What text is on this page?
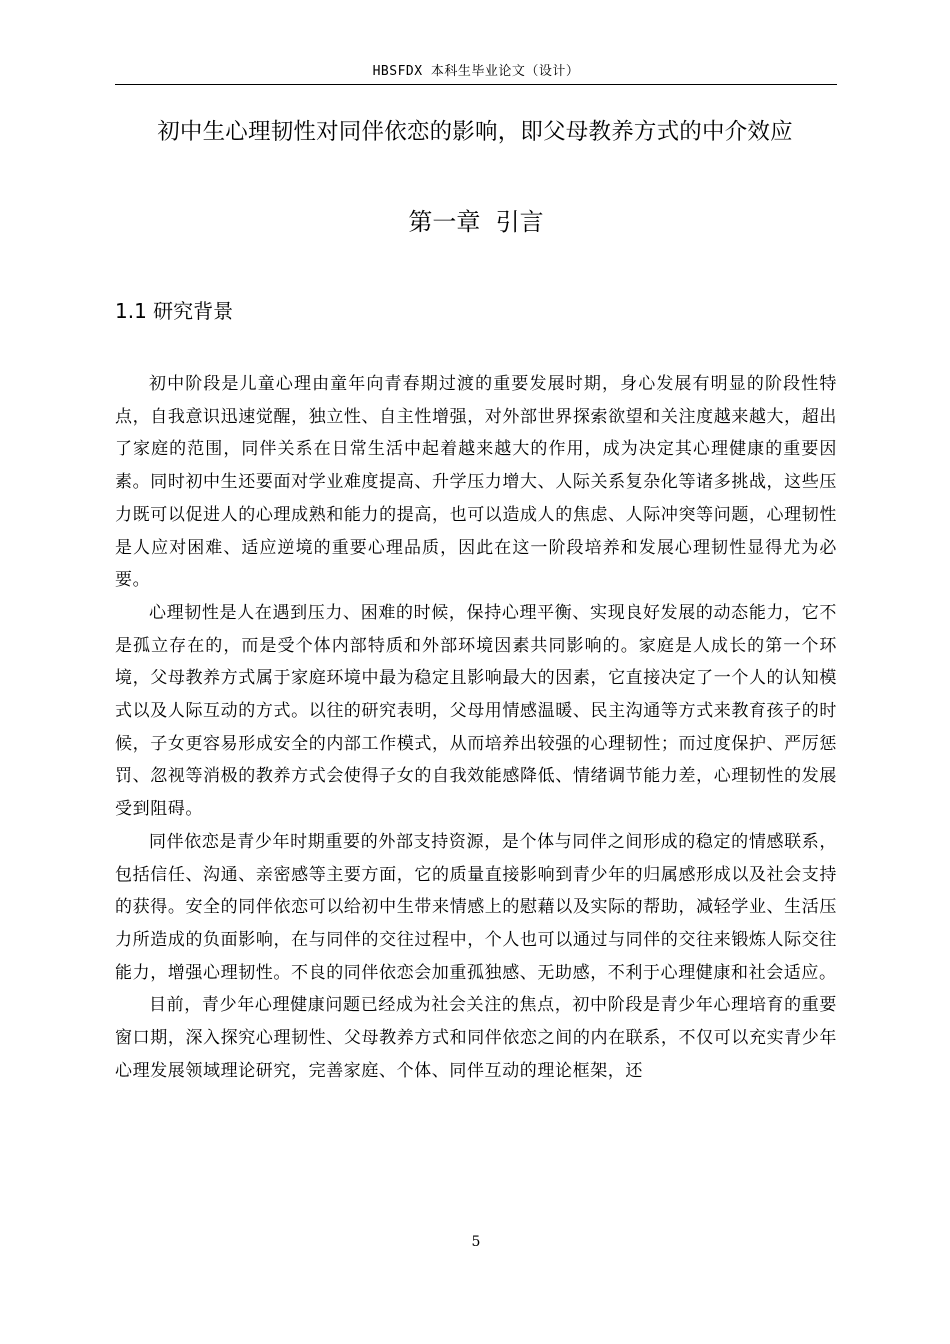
HBSFDX 本科生毕业论文（设计）
初中生心理韧性对同伴依恋的影响，即父母教养方式的中介效应
第一章  引言
1.1 研究背景

初中阶段是儿童心理由童年向青春期过渡的重要发展时期，身心发展有明显的阶段性特点，自我意识迅速觉醒，独立性、自主性增强，对外部世界探索欲望和关注度越来越大，超出了家庭的范围，同伴关系在日常生活中起着越来越大的作用，成为决定其心理健康的重要因素。同时初中生还要面对学业难度提高、升学压力增大、人际关系复杂化等诸多挑战，这些压力既可以促进人的心理成熟和能力的提高，也可以造成人的焦虑、人际冲突等问题，心理韧性是人应对困难、适应逆境的重要心理品质，因此在这一阶段培养和发展心理韧性显得尤为必要。

心理韧性是人在遇到压力、困难的时候，保持心理平衡、实现良好发展的动态能力，它不是孤立存在的，而是受个体内部特质和外部环境因素共同影响的。家庭是人成长的第一个环境，父母教养方式属于家庭环境中最为稳定且影响最大的因素，它直接决定了一个人的认知模式以及人际互动的方式。以往的研究表明，父母用情感温暖、民主沟通等方式来教育孩子的时候，子女更容易形成安全的内部工作模式，从而培养出较强的心理韧性；而过度保护、严厉惩罚、忽视等消极的教养方式会使得子女的自我效能感降低、情绪调节能力差，心理韧性的发展受到阻碍。

同伴依恋是青少年时期重要的外部支持资源，是个体与同伴之间形成的稳定的情感联系，包括信任、沟通、亲密感等主要方面，它的质量直接影响到青少年的归属感形成以及社会支持的获得。安全的同伴依恋可以给初中生带来情感上的慰藉以及实际的帮助，减轻学业、生活压力所造成的负面影响，在与同伴的交往过程中，个人也可以通过与同伴的交往来锻炼人际交往能力，增强心理韧性。不良的同伴依恋会加重孤独感、无助感，不利于心理健康和社会适应。

目前，青少年心理健康问题已经成为社会关注的焦点，初中阶段是青少年心理培育的重要窗口期，深入探究心理韧性、父母教养方式和同伴依恋之间的内在联系，不仅可以充实青少年心理发展领域理论研究，完善家庭、个体、同伴互动的理论框架，还

5
